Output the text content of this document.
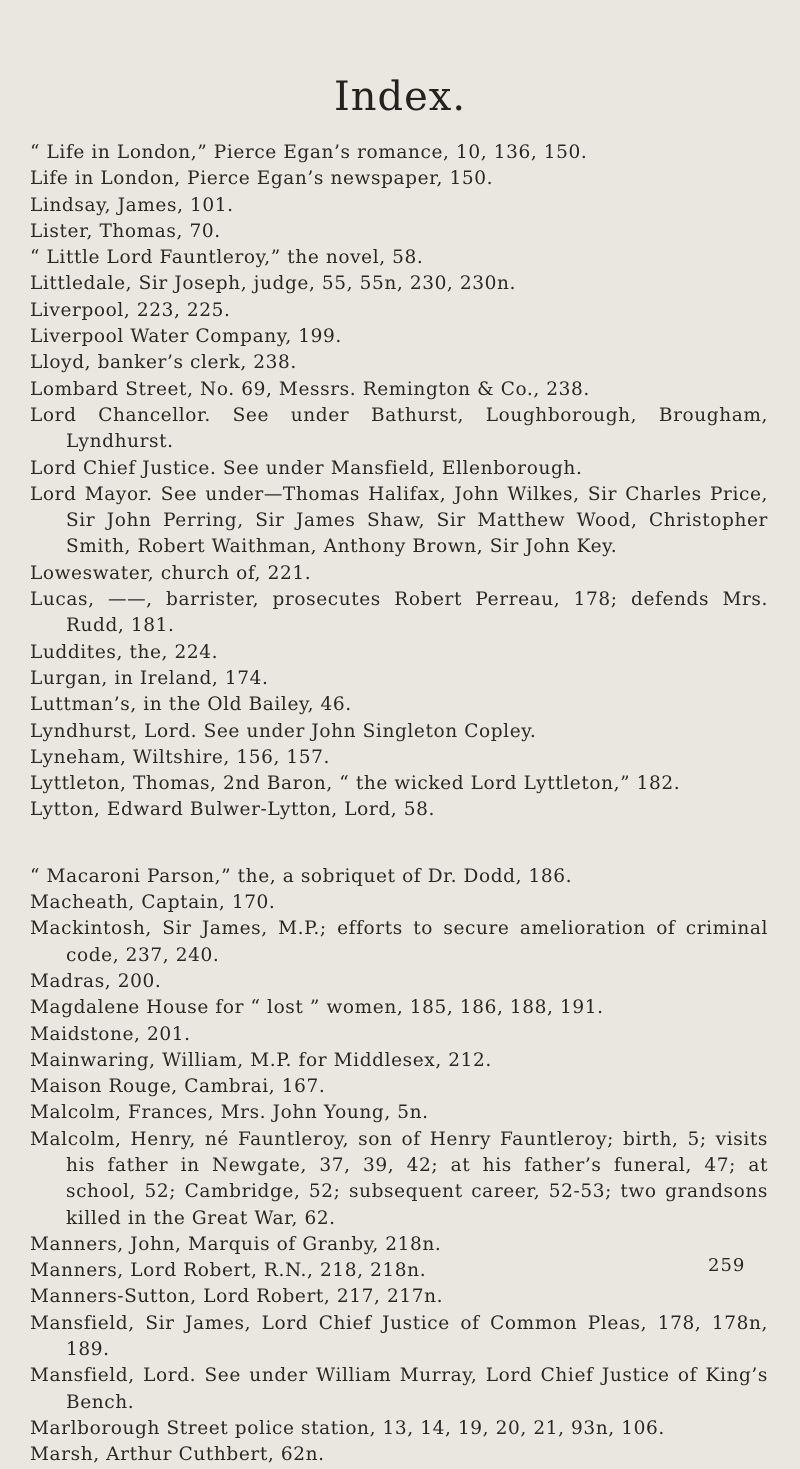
Index.
“ Life in London,” Pierce Egan’s romance, 10, 136, 150.
Life in London, Pierce Egan’s newspaper, 150.
Lindsay, James, 101.
Lister, Thomas, 70.
“ Little Lord Fauntleroy,” the novel, 58.
Littledale, Sir Joseph, judge, 55, 55n, 230, 230n.
Liverpool, 223, 225.
Liverpool Water Company, 199.
Lloyd, banker’s clerk, 238.
Lombard Street, No. 69, Messrs. Remington & Co., 238.
Lord Chancellor. See under Bathurst, Loughborough, Brougham, Lyndhurst.
Lord Chief Justice. See under Mansfield, Ellenborough.
Lord Mayor. See under—Thomas Halifax, John Wilkes, Sir Charles Price, Sir John Perring, Sir James Shaw, Sir Matthew Wood, Christopher Smith, Robert Waithman, Anthony Brown, Sir John Key.
Loweswater, church of, 221.
Lucas, ——, barrister, prosecutes Robert Perreau, 178; defends Mrs. Rudd, 181.
Luddites, the, 224.
Lurgan, in Ireland, 174.
Luttman’s, in the Old Bailey, 46.
Lyndhurst, Lord. See under John Singleton Copley.
Lyneham, Wiltshire, 156, 157.
Lyttleton, Thomas, 2nd Baron, “ the wicked Lord Lyttleton,” 182.
Lytton, Edward Bulwer-Lytton, Lord, 58.
“ Macaroni Parson,” the, a sobriquet of Dr. Dodd, 186.
Macheath, Captain, 170.
Mackintosh, Sir James, M.P.; efforts to secure amelioration of criminal code, 237, 240.
Madras, 200.
Magdalene House for “ lost ” women, 185, 186, 188, 191.
Maidstone, 201.
Mainwaring, William, M.P. for Middlesex, 212.
Maison Rouge, Cambrai, 167.
Malcolm, Frances, Mrs. John Young, 5n.
Malcolm, Henry, né Fauntleroy, son of Henry Fauntleroy; birth, 5; visits his father in Newgate, 37, 39, 42; at his father’s funeral, 47; at school, 52; Cambridge, 52; subsequent career, 52-53; two grandsons killed in the Great War, 62.
Manners, John, Marquis of Granby, 218n.
Manners, Lord Robert, R.N., 218, 218n.
Manners-Sutton, Lord Robert, 217, 217n.
Mansfield, Sir James, Lord Chief Justice of Common Pleas, 178, 178n, 189.
Mansfield, Lord. See under William Murray, Lord Chief Justice of King’s Bench.
Marlborough Street police station, 13, 14, 19, 20, 21, 93n, 106.
Marsh, Arthur Cuthbert, 62n.
259
